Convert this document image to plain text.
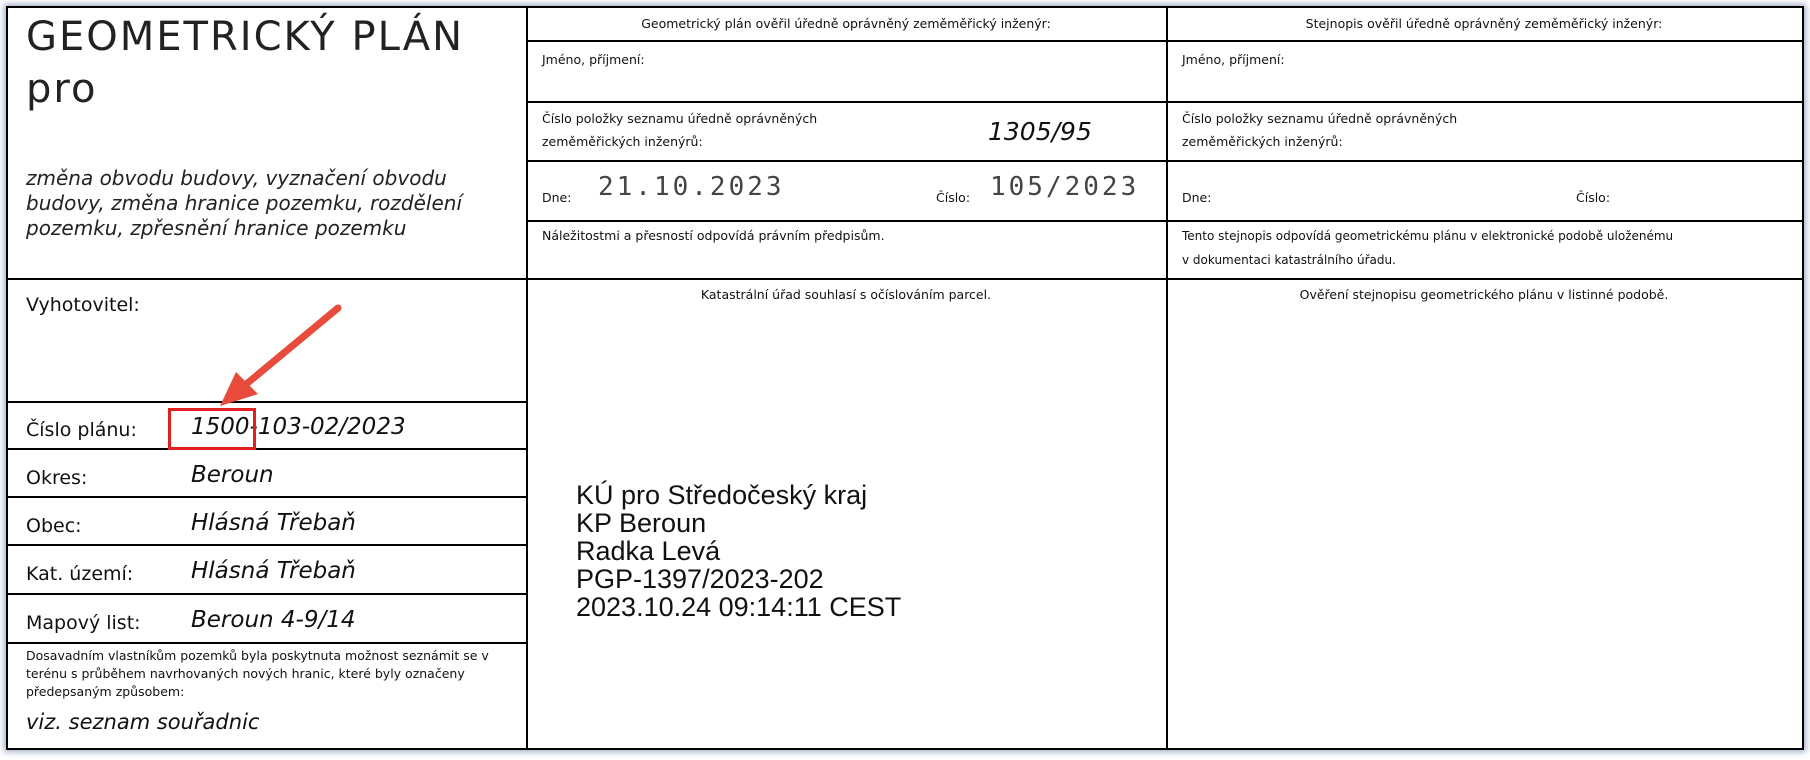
GEOMETRICKÝ PLÁN
pro
změna obvodu budovy, vyznačení obvodu budovy, změna hranice pozemku, rozdělení pozemku, zpřesnění hranice pozemku
Vyhotovitel:
Číslo plánu: 1500-103-02/2023
Okres:	Beroun
Obec:	Hlásná Třebaň
Kat. území:	Hlásná Třebaň
Mapový list: Beroun 4-9/14
Dosavadním vlastníkům pozemků byla poskytnuta možnost seznámit se v terénu s průběhem navrhovaných nových hranic, které byly označeny předepsaným způsobem:
viz. seznam souřadnic
Geometrický plán ověřil úředně oprávněný zeměměřický inženýr:
Jméno, příjmení:
Číslo položky seznamu úředně oprávněných
zeměměřických inženýrů:	1305/95
Dne: 21.10.2023	Číslo: 105/2023
Náležitostmi a přesností odpovídá právním předpisům.
Katastrální úřad souhlasí s očíslováním parcel.
KÚ pro Středočeský kraj
KP Beroun
Radka Levá
PGP-1397/2023-202
2023.10.24 09:14:11 CEST
Stejnopis ověřil úředně oprávněný zeměměřický inženýr:
Jméno, příjmení:
Číslo položky seznamu úředně oprávněných
zeměměřických inženýrů:
Dne:	Číslo:
Tento stejnopis odpovídá geometrickému plánu v elektronické podobě uloženému
v dokumentaci katastrálního úřadu.
Ověření stejnopisu geometrického plánu v listinné podobě.
